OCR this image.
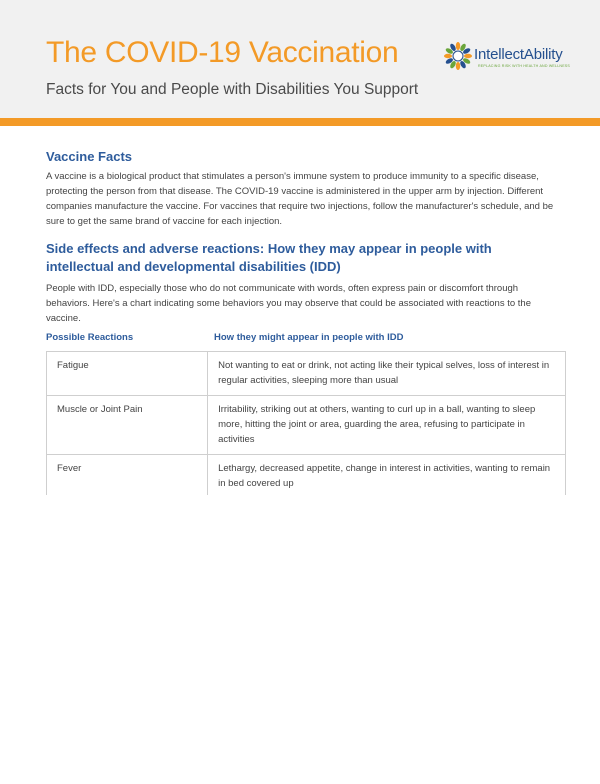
The COVID-19 Vaccination

Facts for You and People with Disabilities You Support

IntellectAbility
REPLACING RISK WITH HEALTH AND WELLNESS
Vaccine Facts

A vaccine is a biological product that stimulates a person's immune system to produce immunity to a specific disease, protecting the person from that disease. The COVID-19 vaccine is administered in the upper arm by injection. Different companies manufacture the vaccine. For vaccines that require two injections, follow the manufacturer's schedule, and be sure to get the same brand of vaccine for each injection.

Side effects and adverse reactions: How they may appear in people with intellectual and developmental disabilities (IDD)

People with IDD, especially those who do not communicate with words, often express pain or discomfort through behaviors. Here's a chart indicating some behaviors you may observe that could be associated with reactions to the vaccine.

Possible Reactions	How they might appear in people with IDD
Fatigue	Not wanting to eat or drink, not acting like their typical selves, loss of interest in regular activities, sleeping more than usual
Muscle or Joint Pain	Irritability, striking out at others, wanting to curl up in a ball, wanting to sleep more, hitting the joint or area, guarding the area, refusing to participate in activities
Fever	Lethargy, decreased appetite, change in interest in activities, wanting to remain in bed covered up
